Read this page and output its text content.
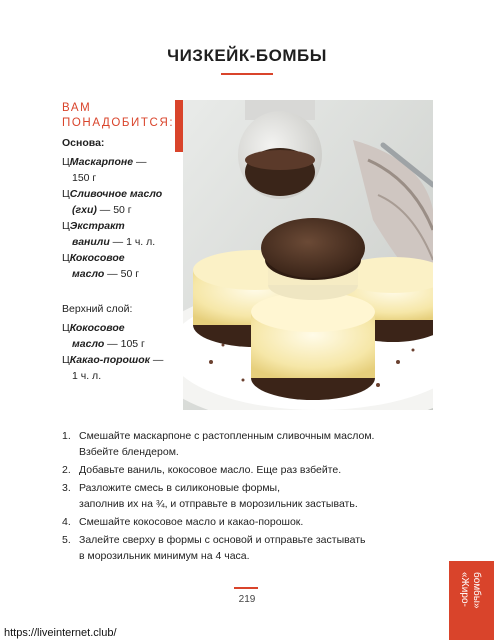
ЧИЗКЕЙК-БОМБЫ
ВАМ
ПОНАДОБИТСЯ:
Основа:
ЦМаскарпоне —
150 г
ЦСливочное масло
(гхи) — 50 г
ЦЭкстракт
ванили — 1 ч. л.
ЦКокосовое
масло — 50 г
Верхний слой:
ЦКокосовое
масло — 105 г
ЦКакао-порошок —
1 ч. л.
1. Смешайте маскарпоне с растопленным сливочным маслом.
Взбейте блендером.
2. Добавьте ваниль, кокосовое масло. Еще раз взбейте.
3. Разложите смесь в силиконовые формы,
заполнив их на ¾, и отправьте в морозильник застывать.
4. Смешайте кокосовое масло и какао-порошок.
5. Залейте сверху в формы с основой и отправьте застывать
в морозильник минимум на 4 часа.
219	«Жиро- бомбы»
https://liveinternet.club/
